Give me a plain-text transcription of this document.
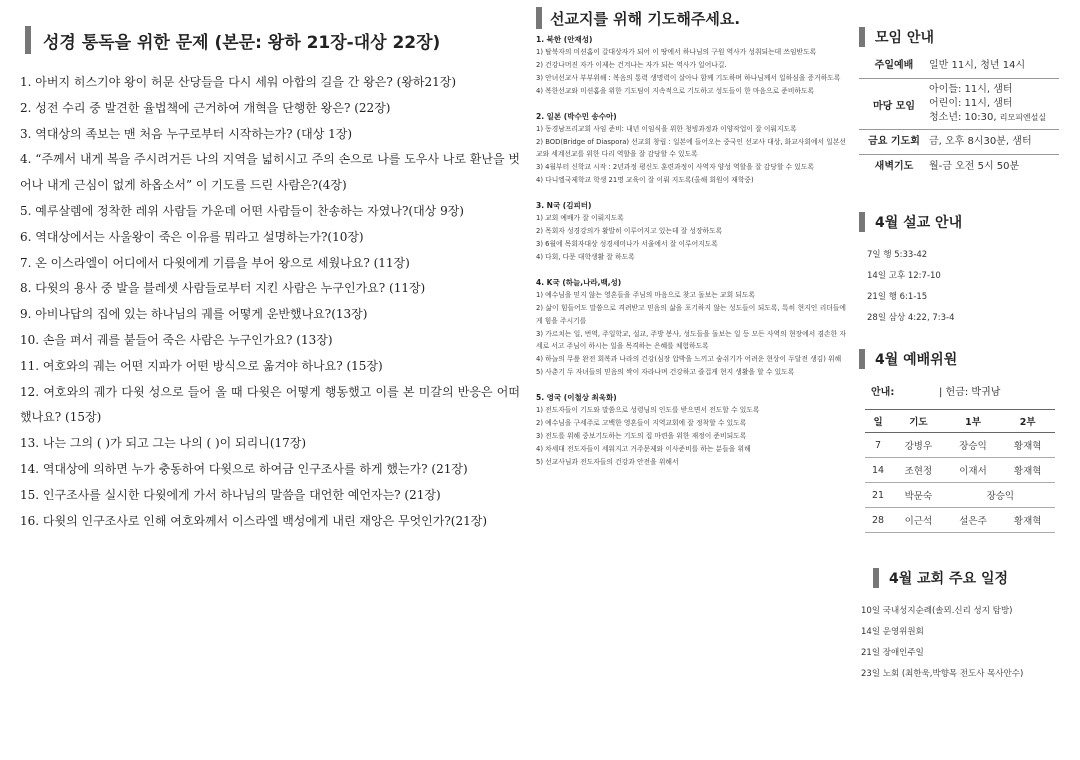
성경 통독을 위한 문제 (본문: 왕하 21장-대상 22장)
1. 아버지 히스기야 왕이 허문 산당들을 다시 세워 아합의 길을 간 왕은? (왕하21장)
2. 성전 수리 중 발견한 율법책에 근거하여 개혁을 단행한 왕은? (22장)
3. 역대상의 족보는 맨 처음 누구로부터 시작하는가? (대상 1장)
4. “주께서 내게 복을 주시려거든 나의 지역을 넓히시고 주의 손으로 나를 도우사 나로 환난을 벗어나 내게 근심이 없게 하옵소서” 이 기도를 드린 사람은?(4장)
5. 예루살렘에 정착한 레위 사람들 가운데 어떤 사람들이 찬송하는 자였나?(대상 9장)
6. 역대상에서는 사울왕이 죽은 이유를 뭐라고 설명하는가?(10장)
7. 온 이스라엘이 어디에서 다윗에게 기름을 부어 왕으로 세웠나요? (11장)
8. 다윗의 용사 중 발을 블레셋 사람들로부터 지킨 사람은 누구인가요? (11장)
9. 아비나답의 집에 있는 하나님의 궤를 어떻게 운반했나요?(13장)
10. 손을 펴서 궤를 붙들어 죽은 사람은 누구인가요? (13장)
11. 여호와의 궤는 어떤 지파가 어떤 방식으로 옮겨야 하나요? (15장)
12. 여호와의 궤가 다윗 성으로 들어 올 때 다윗은 어떻게 행동했고 이를 본 미갈의 반응은 어떠했나요? (15장)
13. 나는 그의 ( )가 되고 그는 나의 ( )이 되리니(17장)
14. 역대상에 의하면 누가 충동하여 다윗으로 하여금 인구조사를 하게 했는가? (21장)
15. 인구조사를 실시한 다윗에게 가서 하나님의 말씀을 대언한 예언자는? (21장)
16. 다윗의 인구조사로 인해 여호와께서 이스라엘 백성에게 내린 재앙은 무엇인가?(21장)
선교지를 위해 기도해주세요.
1. 북한 (안재성)
1) 탈북자의 미션홈이 갈대상자가 되어 이 땅에서 하나님의 구원 역사가 성취되는데 쓰임받도록
2) 건강나머진 자가 이제는 건겨나는 자가 되는 역사가 일어나길.
3) 안녀선교사 부부위해 : 복음의 통력 생명력이 살아나 함께 기도하며 하나님께서 일하심을 증거하도록
4) 복한선교와 미션홈을 위한 기도팀이 지속적으로 기도하고 성도들이 한 마음으로 준비하도록
2. 일본 (박수민 송수아)
1) 동경남프리교회 사임 준비: 내년 이임식을 위한 청빙과정과 이양작업이 잘 이뤄지도록
2) BOD(Bridge of Diaspora) 선교회 창립 : 일본에 들어오는 중국인 선교사 대상, 화교사회에서 일본선교와 세계선교를 위한 다리 역할을 잘 감당할 수 있도록
3) 4월부터 신학교 시작 : 2년과정 평신도 훈련과정이 사역자 양성 역할을 잘 감당할 수 있도록
4) 다니엘국제학교 학생 21명 교육이 잘 이뤄 지도록(올해 회원이 재학중)
3. N국 (김피터)
1) 교회 예배가 잘 이뤄지도록
2) 목회자 성경강의가 활발히 이루어지고 있는데 잘 성장하도록
3) 6월에 목회자대상 성경세미나가 서울에서 잘 이루어지도록
4) 다회, 다문 대학생활 잘 하도록
4. K국 (하늘,나라,백,성)
1) 예수님을 믿지 않는 영혼들을 주님의 마음으로 찾고 돌보는 교회 되도록
2) 삶이 힘들어도 말씀으로 격려받고 믿음의 삶을 포기하지 않는 성도들이 되도록, 특히 현지인 리더들에게 힘을 주시기를
3) 가르치는 일, 번역, 주일학교, 설교, 주방 봉사, 성도들을 돌보는 일 등 모든 사역의 현장에서 겸손한 자세로 서고 주님이 하시는 일을 목격하는 은혜를 체험하도록
4) 하늘의 무릎 완전 회복과 나라의 건강(심장 압박을 느끼고 숨쉬기가 어려운 현상이 두달전 생김) 위해
5) 사춘기 두 자녀들의 믿음의 싹이 자라나며 건강하고 즐겁게 현지 생활을 할 수 있도록
5. 영국 (이철상 최욱화)
1) 전도자들이 기도와 말씀으로 성령님의 인도를 받으면서 전도할 수 있도록
2) 예수님을 구세주로 고백한 영혼들이 지역교회에 잘 정착할 수 있도록
3) 전도를 위해 중보기도하는 기도의 집 마련을 위한 재정이 준비되도록
4) 차세대 전도자들이 세워지고 거주문제와 이사준비를 하는 분들을 위해
5) 선교사님과 전도자들의 건강과 안전을 위해서
모임 안내
주일예배	일반 11시, 청년 14시
마당 모임
아이들: 11시, 샘터
어린이: 11시, 샘터
청소년: 10:30, 리모피엔설실
금요 기도회 금, 오후 8시30분, 샘터
새벽기도	월-금 오전 5시 50분
4월 설교 안내
7일 행 5:33-42
14일 고후 12:7-10
21일 행 6:1-15
28일 삼상 4:22, 7:3-4
4월 예배위원
안내:	| 헌금: 박귀남
일	기도	1부	2부
7	강병우	장승익	황재혁
14	조현정	이재서	황재혁
21	박문숙	장승익	
28	이근석	설은주	황재혁
4월 교회 주요 일정
10일 국내성지순례(솔뫼.신리 성지 탐방)
14일 운영위원회
21일 장애인주일
23일 노회 (최한욱,박향목 전도사 목사안수)
